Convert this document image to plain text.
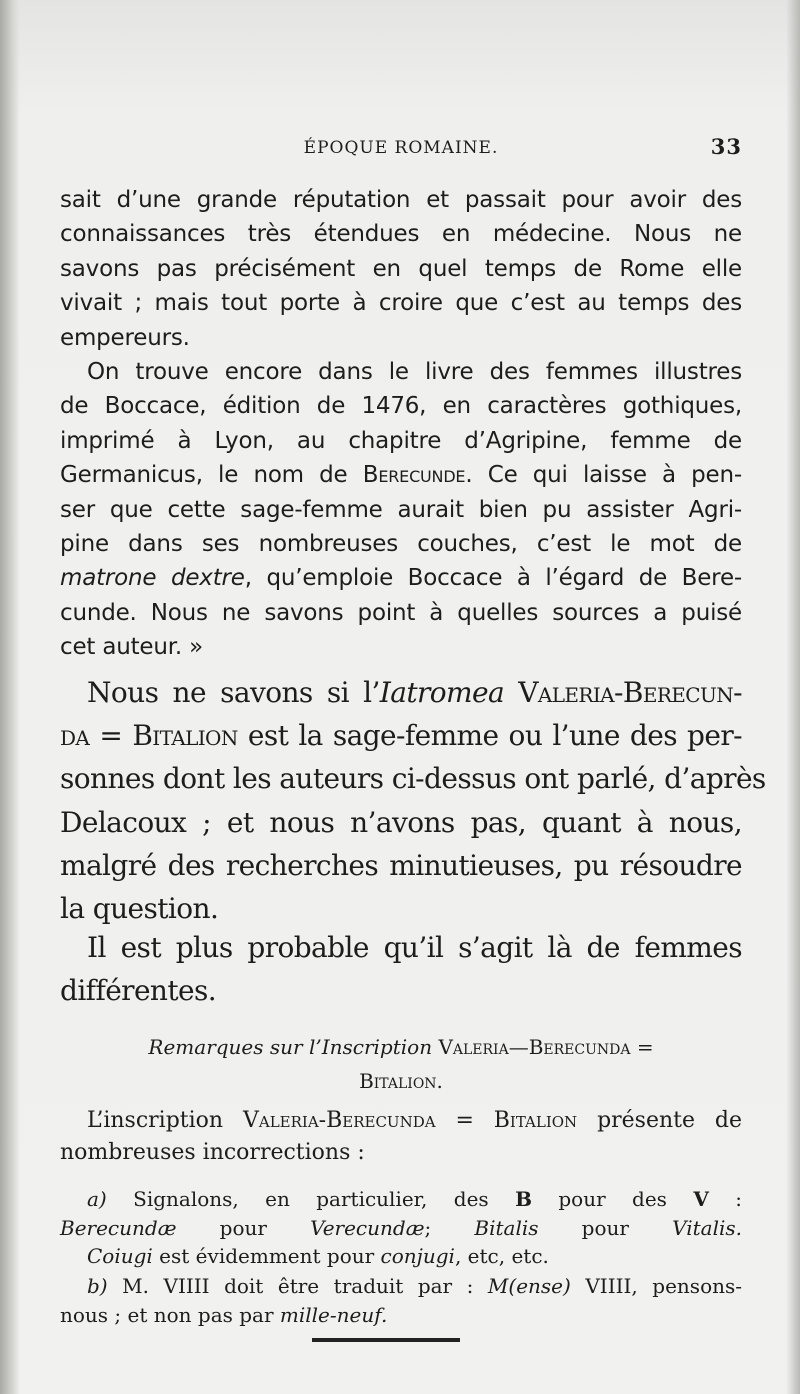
ÉPOQUE ROMAINE.	33
sait d’une grande réputation et passait pour avoir des
connaissances très étendues en médecine. Nous ne
savons pas précisément en quel temps de Rome elle
vivait ; mais tout porte à croire que c’est au temps des
empereurs.
On trouve encore dans le livre des femmes illustres
de Boccace, édition de 1476, en caractères gothiques,
imprimé à Lyon, au chapitre d’Agripine, femme de
Germanicus, le nom de Berecunde. Ce qui laisse à pen-
ser que cette sage-femme aurait bien pu assister Agri-
pine dans ses nombreuses couches, c’est le mot de
matrone dextre, qu’emploie Boccace à l’égard de Bere-
cunde. Nous ne savons point à quelles sources a puisé
cet auteur. »
Nous ne savons si l’Iatromea Valeria-Berecun-
da = Bitalion est la sage-femme ou l’une des per-
sonnes dont les auteurs ci-dessus ont parlé, d’après
Delacoux ; et nous n’avons pas, quant à nous,
malgré des recherches minutieuses, pu résoudre
la question.
Il est plus probable qu’il s’agit là de femmes
différentes.
Remarques sur l’Inscription Valeria—Berecunda =
Bitalion.
L’inscription Valeria-Berecunda = Bitalion présente de
nombreuses incorrections :
a) Signalons, en particulier, des B pour des V :
Berecundæ pour Verecundæ; Bitalis pour Vitalis.
Coiugi est évidemment pour conjugi, etc, etc.
b) M. VIIII doit être traduit par : M(ense) VIIII, pensons-
nous ; et non pas par mille-neuf.
